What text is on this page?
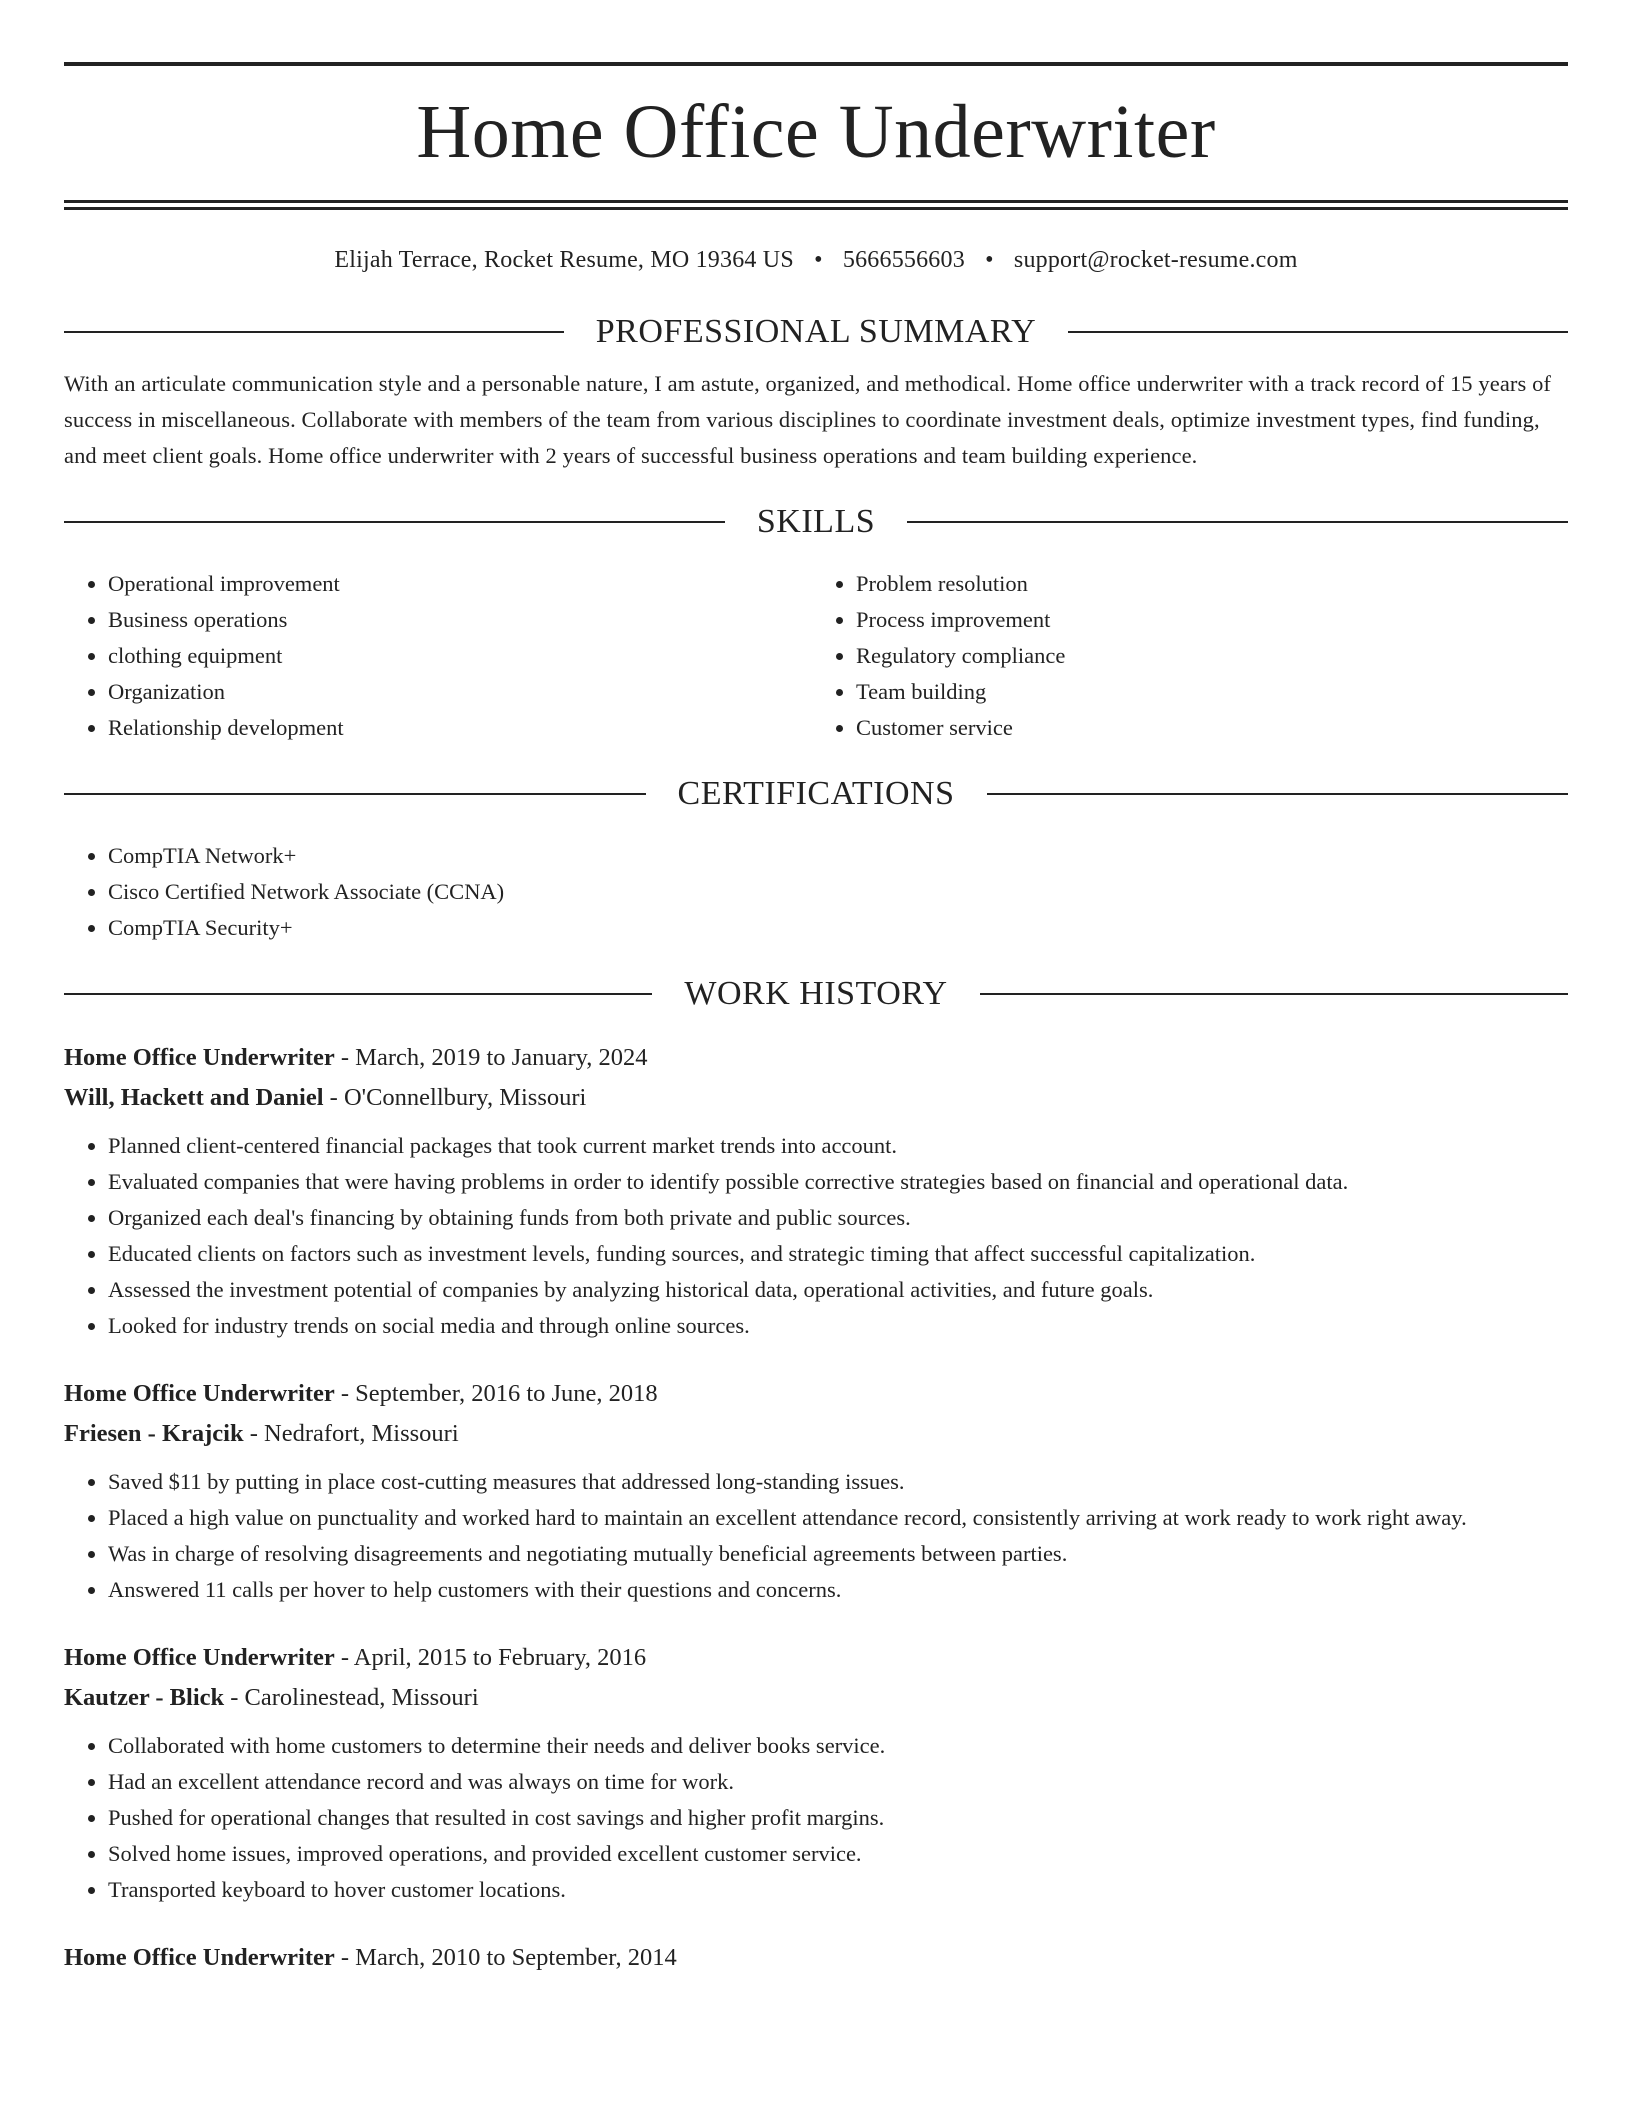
Home Office Underwriter
Elijah Terrace, Rocket Resume, MO 19364 US • 5666556603 • support@rocket-resume.com
PROFESSIONAL SUMMARY
With an articulate communication style and a personable nature, I am astute, organized, and methodical. Home office underwriter with a track record of 15 years of success in miscellaneous. Collaborate with members of the team from various disciplines to coordinate investment deals, optimize investment types, find funding, and meet client goals. Home office underwriter with 2 years of successful business operations and team building experience.
SKILLS
• Operational improvement
• Business operations
• clothing equipment
• Organization
• Relationship development
• Problem resolution
• Process improvement
• Regulatory compliance
• Team building
• Customer service
CERTIFICATIONS
• CompTIA Network+
• Cisco Certified Network Associate (CCNA)
• CompTIA Security+
WORK HISTORY
Home Office Underwriter - March, 2019 to January, 2024
Will, Hackett and Daniel - O'Connellbury, Missouri
• Planned client-centered financial packages that took current market trends into account.
• Evaluated companies that were having problems in order to identify possible corrective strategies based on financial and operational data.
• Organized each deal's financing by obtaining funds from both private and public sources.
• Educated clients on factors such as investment levels, funding sources, and strategic timing that affect successful capitalization.
• Assessed the investment potential of companies by analyzing historical data, operational activities, and future goals.
• Looked for industry trends on social media and through online sources.
Home Office Underwriter - September, 2016 to June, 2018
Friesen - Krajcik - Nedrafort, Missouri
• Saved $11 by putting in place cost-cutting measures that addressed long-standing issues.
• Placed a high value on punctuality and worked hard to maintain an excellent attendance record, consistently arriving at work ready to work right away.
• Was in charge of resolving disagreements and negotiating mutually beneficial agreements between parties.
• Answered 11 calls per hover to help customers with their questions and concerns.
Home Office Underwriter - April, 2015 to February, 2016
Kautzer - Blick - Carolinestead, Missouri
• Collaborated with home customers to determine their needs and deliver books service.
• Had an excellent attendance record and was always on time for work.
• Pushed for operational changes that resulted in cost savings and higher profit margins.
• Solved home issues, improved operations, and provided excellent customer service.
• Transported keyboard to hover customer locations.
Home Office Underwriter - March, 2010 to September, 2014
